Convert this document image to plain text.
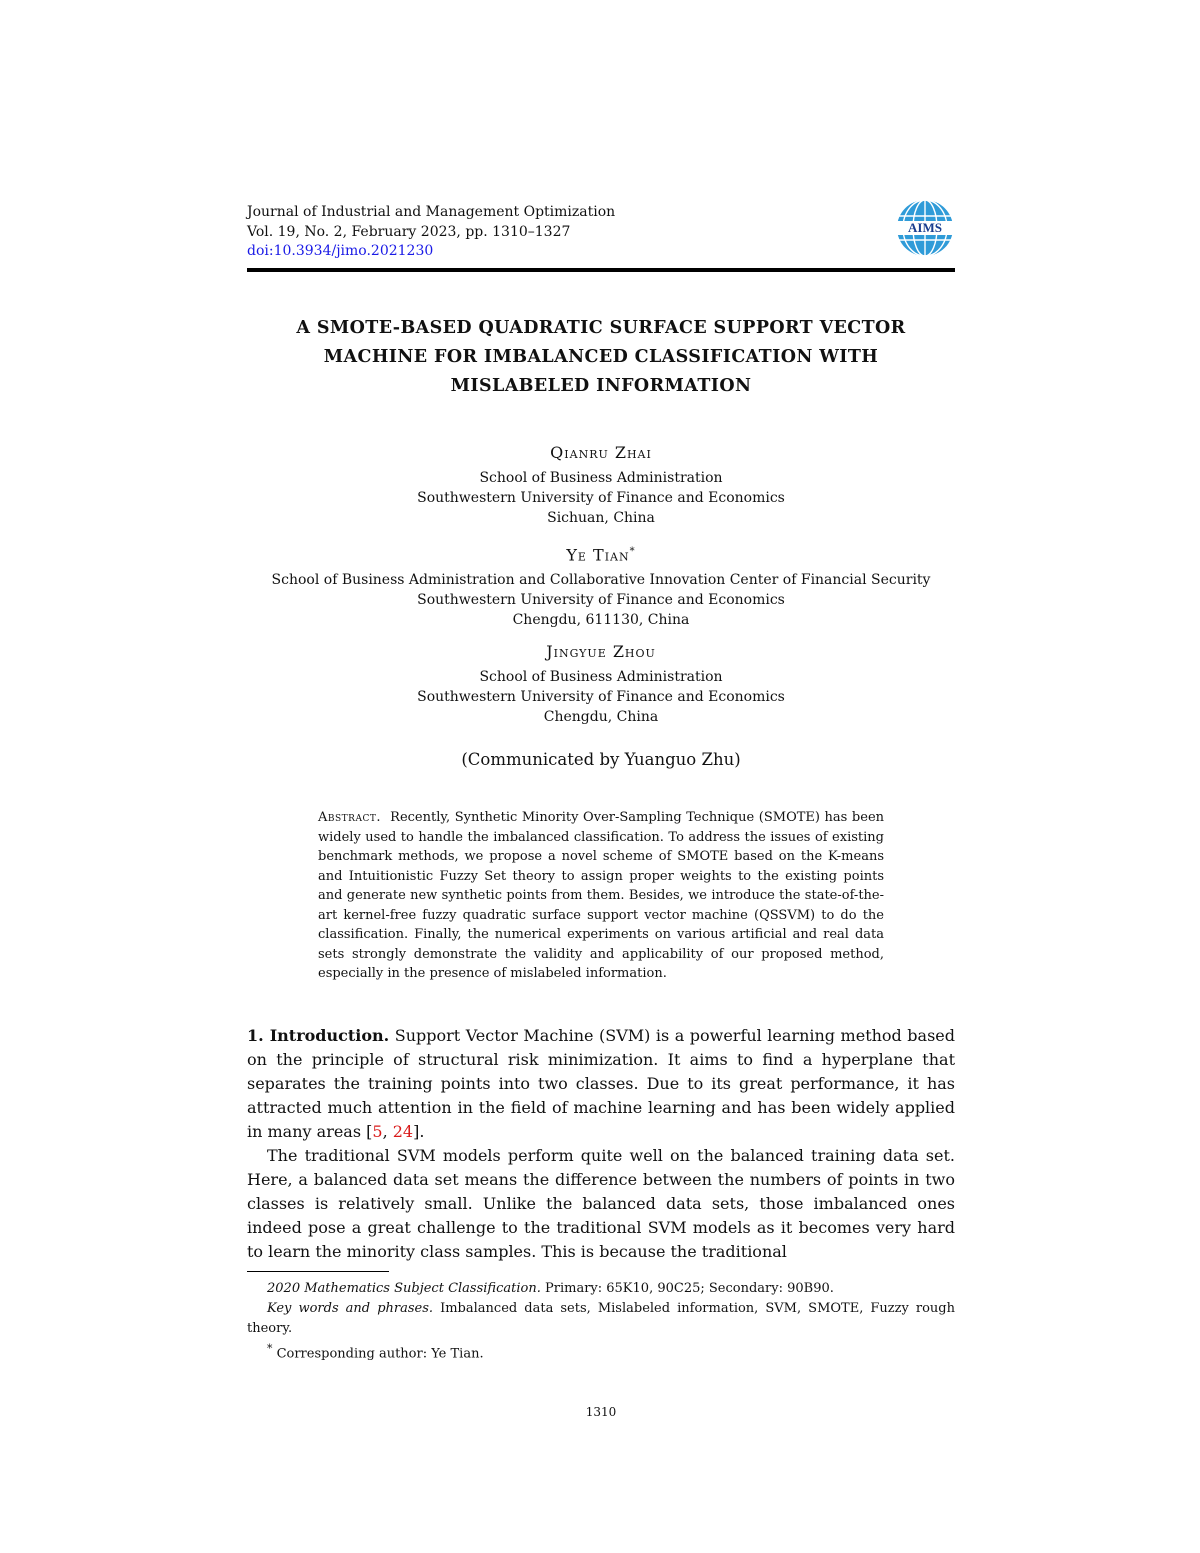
Journal of Industrial and Management Optimization
Vol. 19, No. 2, February 2023, pp. 1310–1327
doi:10.3934/jimo.2021230
AIMS
A SMOTE-BASED QUADRATIC SURFACE SUPPORT VECTOR
MACHINE FOR IMBALANCED CLASSIFICATION WITH
MISLABELED INFORMATION
Qianru Zhai
School of Business Administration
Southwestern University of Finance and Economics
Sichuan, China
Ye Tian*
School of Business Administration and Collaborative Innovation Center of Financial Security
Southwestern University of Finance and Economics
Chengdu, 611130, China
Jingyue Zhou
School of Business Administration
Southwestern University of Finance and Economics
Chengdu, China
(Communicated by Yuanguo Zhu)
Abstract. Recently, Synthetic Minority Over-Sampling Technique (SMOTE) has been widely used to handle the imbalanced classification. To address the issues of existing benchmark methods, we propose a novel scheme of SMOTE based on the K-means and Intuitionistic Fuzzy Set theory to assign proper weights to the existing points and generate new synthetic points from them. Besides, we introduce the state-of-the-art kernel-free fuzzy quadratic surface support vector machine (QSSVM) to do the classification. Finally, the numerical experiments on various artificial and real data sets strongly demonstrate the validity and applicability of our proposed method, especially in the presence of mislabeled information.

1. Introduction. Support Vector Machine (SVM) is a powerful learning method based on the principle of structural risk minimization. It aims to find a hyperplane that separates the training points into two classes. Due to its great performance, it has attracted much attention in the field of machine learning and has been widely applied in many areas [5, 24].

The traditional SVM models perform quite well on the balanced training data set. Here, a balanced data set means the difference between the numbers of points in two classes is relatively small. Unlike the balanced data sets, those imbalanced ones indeed pose a great challenge to the traditional SVM models as it becomes very hard to learn the minority class samples. This is because the traditional

2020 Mathematics Subject Classification. Primary: 65K10, 90C25; Secondary: 90B90.

Key words and phrases. Imbalanced data sets, Mislabeled information, SVM, SMOTE, Fuzzy rough theory.

* Corresponding author: Ye Tian.

1310
